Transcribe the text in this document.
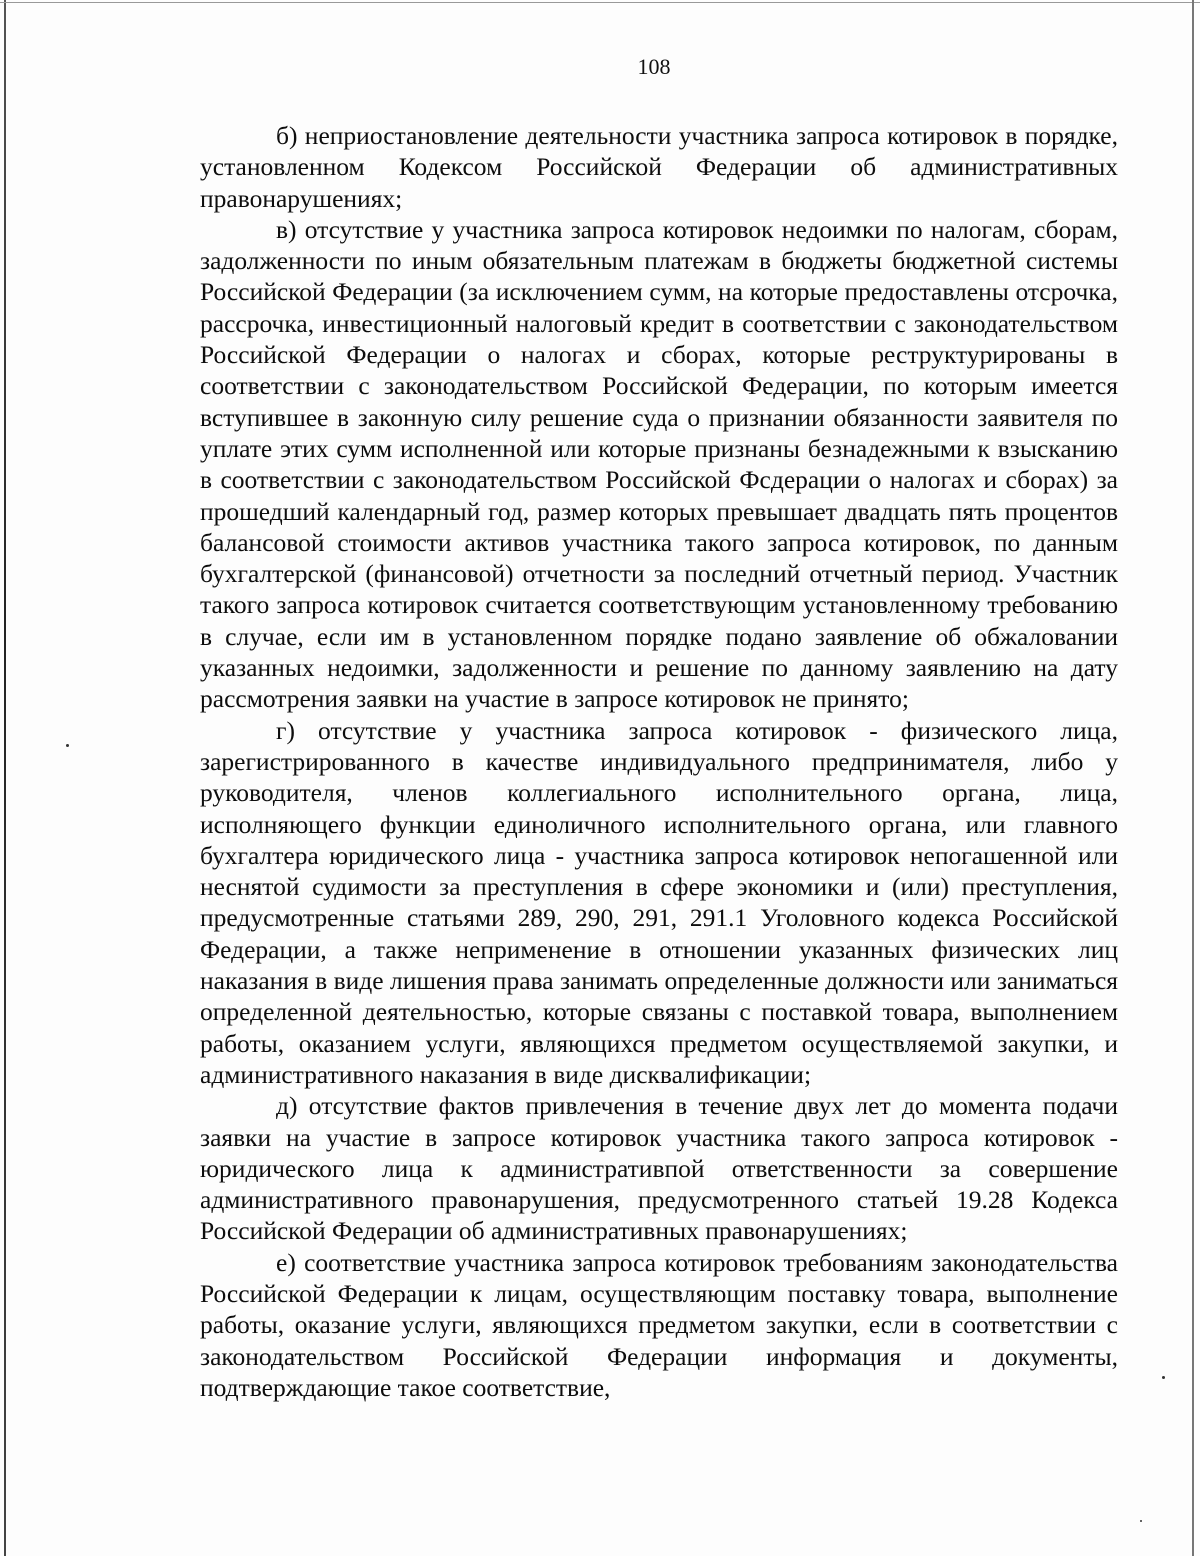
108

б) неприостановление деятельности участника запроса котировок в порядке, установленном Кодексом Российской Федерации об административных правонарушениях;

в) отсутствие у участника запроса котировок недоимки по налогам, сборам, задолженности по иным обязательным платежам в бюджеты бюджетной системы Российской Федерации (за исключением сумм, на которые предоставлены отсрочка, рассрочка, инвестиционный налоговый кредит в соответствии с законодательством Российской Федерации о налогах и сборах, которые реструктурированы в соответствии с законодательством Российской Федерации, по которым имеется вступившее в законную силу решение суда о признании обязанности заявителя по уплате этих сумм исполненной или которые признаны безнадежными к взысканию в соответствии с законодательством Российской Фсдерации о налогах и сборах) за прошедший календарный год, размер которых превышает двадцать пять процентов балансовой стоимости активов участника такого запроса котировок, по данным бухгалтерской (финансовой) отчетности за последний отчетный период. Участник такого запроса котировок считается соответствующим установленному требованию в случае, если им в установленном порядке подано заявление об обжаловании указанных недоимки, задолженности и решение по данному заявлению на дату рассмотрения заявки на участие в запросе котировок не принято;

г) отсутствие у участника запроса котировок - физического лица, зарегистрированного в качестве индивидуального предпринимателя, либо у руководителя, членов коллегиального исполнительного органа, лица, исполняющего функции единоличного исполнительного органа, или главного бухгалтера юридического лица - участника запроса котировок непогашенной или неснятой судимости за преступления в сфере экономики и (или) преступления, предусмотренные статьями 289, 290, 291, 291.1 Уголовного кодекса Российской Федерации, а также неприменение в отношении указанных физических лиц наказания в виде лишения права занимать определенные должности или заниматься определенной деятельностью, которые связаны с поставкой товара, выполнением работы, оказанием услуги, являющихся предметом осуществляемой закупки, и административного наказания в виде дисквалификации;

д) отсутствие фактов привлечения в течение двух лет до момента подачи заявки на участие в запросе котировок участника такого запроса котировок - юридического лица к административпой ответственности за совершение административного правонарушения, предусмотренного статьей 19.28 Кодекса Российской Федерации об административных правонарушениях;

е) соответствие участника запроса котировок требованиям законодательства Российской Федерации к лицам, осуществляющим поставку товара, выполнение работы, оказание услуги, являющихся предметом закупки, если в соответствии с законодательством Российской Федерации информация и документы, подтверждающие такое соответствие,
